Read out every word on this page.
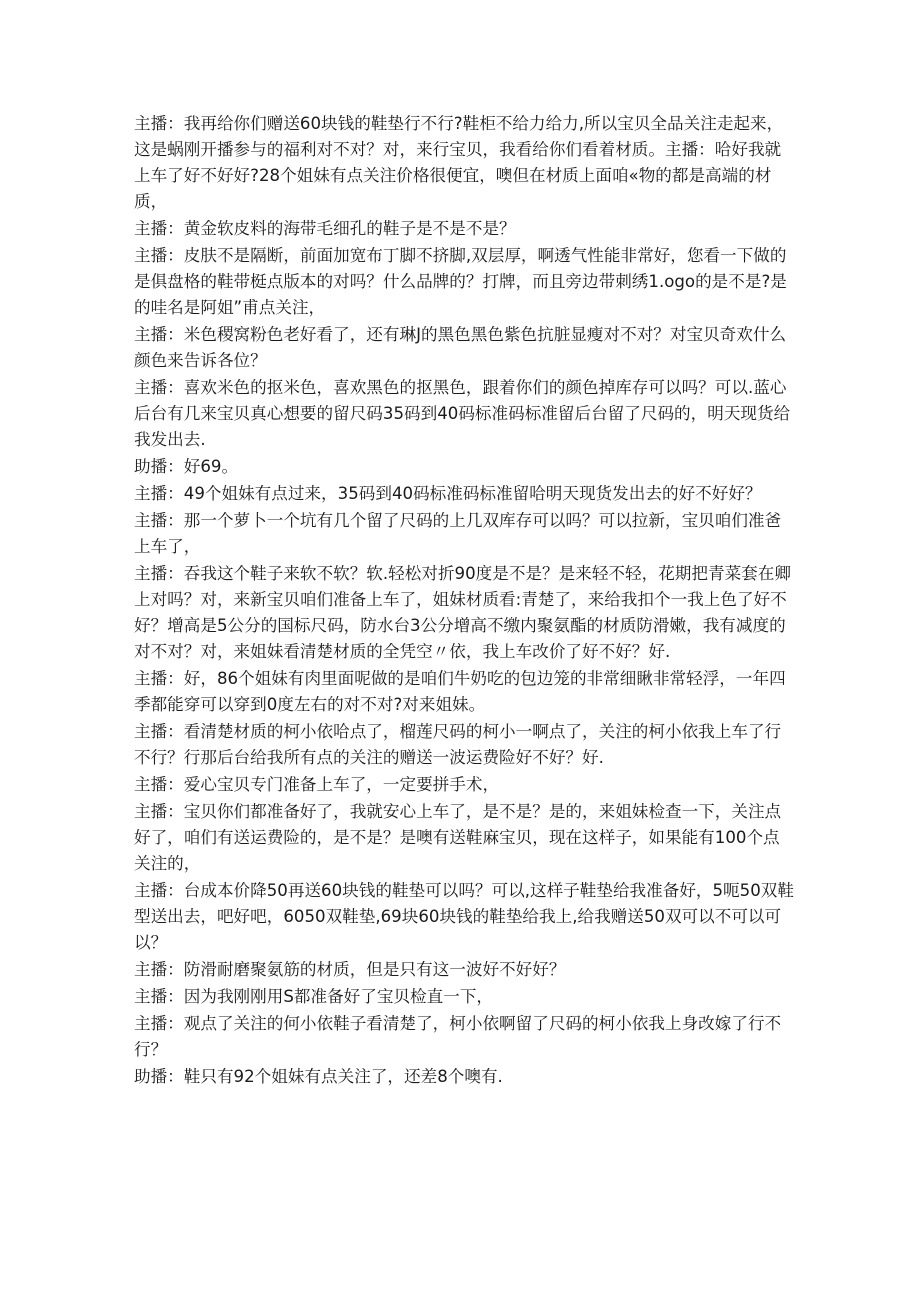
主播：我再给你们赠送60块钱的鞋垫行不行?鞋柜不给力给力,所以宝贝全品关注走起来，这是蜗刚开播参与的福利对不对？对，来行宝贝，我看给你们看着材质。主播：哈好我就上车了好不好好?28个姐妹有点关注价格很便宜，噢但在材质上面咱«物的都是高端的材质，

主播：黄金软皮料的海带毛细孔的鞋子是不是不是？

主播：皮肤不是隔断，前面加宽布丁脚不挤脚,双层厚，啊透气性能非常好，您看一下做的是俱盘格的鞋带梃点版本的对吗？什么品牌的？打牌，而且旁边带刺绣1.ogo的是不是?是的哇名是阿姐”甫点关注，

主播：米色稷窝粉色老好看了，还有琳J的黑色黑色紫色抗脏显瘦对不对？对宝贝奇欢什么颜色来告诉各位？

主播：喜欢米色的抠米色，喜欢黑色的抠黑色，跟着你们的颜色掉库存可以吗？可以.蓝心后台有几来宝贝真心想要的留尺码35码到40码标准码标准留后台留了尺码的，明天现货给我发出去.

助播：好69。

主播：49个姐妹有点过来，35码到40码标准码标准留哈明天现货发出去的好不好好？

主播：那一个萝卜一个坑有几个留了尺码的上几双库存可以吗？可以拉新，宝贝咱们准爸上车了，

主播：吞我这个鞋子来软不软？软.轻松对折90度是不是？是来轻不轻，花期把青菜套在卿上对吗？对，来新宝贝咱们准备上车了，姐妹材质看:青楚了，来给我扣个一我上色了好不好？增高是5公分的国标尺码，防水台3公分增高不缴内聚氨酯的材质防滑嫩，我有减度的对不对？对，来姐妹看清楚材质的全凭空〃依，我上车改价了好不好？好.

主播：好，86个姐妹有肉里面呢做的是咱们牛奶吃的包边笼的非常细瞅非常轻浮，一年四季都能穿可以穿到0度左右的对不对?对来姐妹。

主播：看清楚材质的柯小依哈点了，榴莲尺码的柯小一啊点了，关注的柯小依我上车了行不行？行那后台给我所有点的关注的赠送一波运费险好不好？好.

主播：爱心宝贝专门准备上车了，一定要拼手术，

主播：宝贝你们都准备好了，我就安心上车了，是不是？是的，来姐妹检查一下，关注点好了，咱们有送运费险的，是不是？是噢有送鞋麻宝贝，现在这样子，如果能有100个点关注的，

主播：台成本价降50再送60块钱的鞋垫可以吗？可以,这样子鞋垫给我准备好，5呃50双鞋型送出去，吧好吧，6050双鞋垫,69块60块钱的鞋垫给我上,给我赠送50双可以不可以可以？

主播：防滑耐磨聚氨筋的材质，但是只有这一波好不好好？

主播：因为我刚刚用S都准备好了宝贝检直一下，

主播：观点了关注的何小依鞋子看清楚了，柯小依啊留了尺码的柯小依我上身改嫁了行不行？

助播：鞋只有92个姐妹有点关注了，还差8个噢有.
